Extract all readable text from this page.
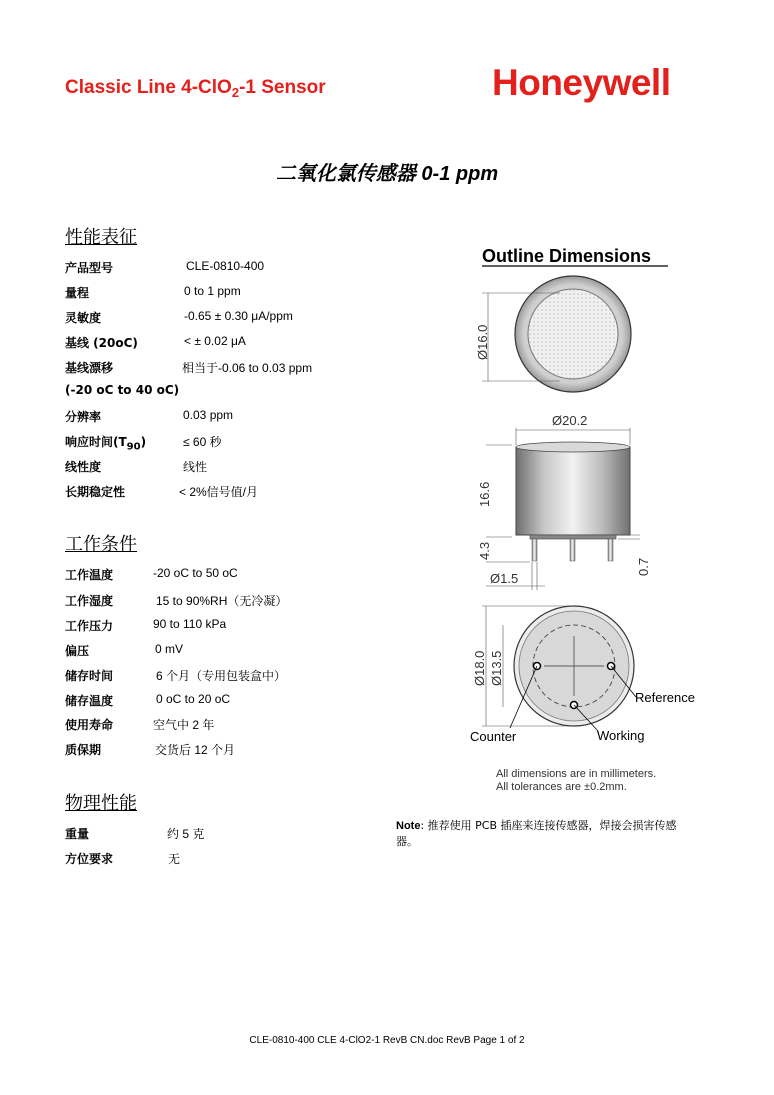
Classic Line 4-ClO$_2$-1 Sensor	Honeywell
二氧化氯传感器 0-1 ppm
性能表征
产品型号	CLE-0810-400
量程	0 to 1 ppm
灵敏度	-0.65 ± 0.30 μA/ppm
基线 (20oC)	< ± 0.02 μA
基线漂移	相当于-0.06 to 0.03 ppm
(-20 oC to 40 oC)
分辨率	0.03 ppm
响应时间$(T_{90})$	≤ 60 秒
线性度	线性
长期稳定性	< 2%信号值/月
工作条件
工作温度	-20 oC to 50 oC
工作湿度	15 to 90%RH（无冷凝）
工作压力	90 to 110 kPa
偏压	0 mV
储存时间	6 个月（专用包装盒中）
储存温度	0 oC to 20 oC
使用寿命	空气中 2 年
质保期	交货后 12 个月
物理性能
重量	约 5 克
方位要求	无
Outline Dimensions
Ø16.0
Ø20.2
16.6
4.3
Ø1.5
0.7
Ø18.0 Ø13.5
Reference
Counter	Working
All dimensions are in millimeters.
All tolerances are ±0.2mm.
Note: 推荐使用 PCB 插座来连接传感器，焊接会损害传感器。
CLE-0810-400 CLE 4-ClO2-1 RevB CN.doc RevB Page 1 of 2
